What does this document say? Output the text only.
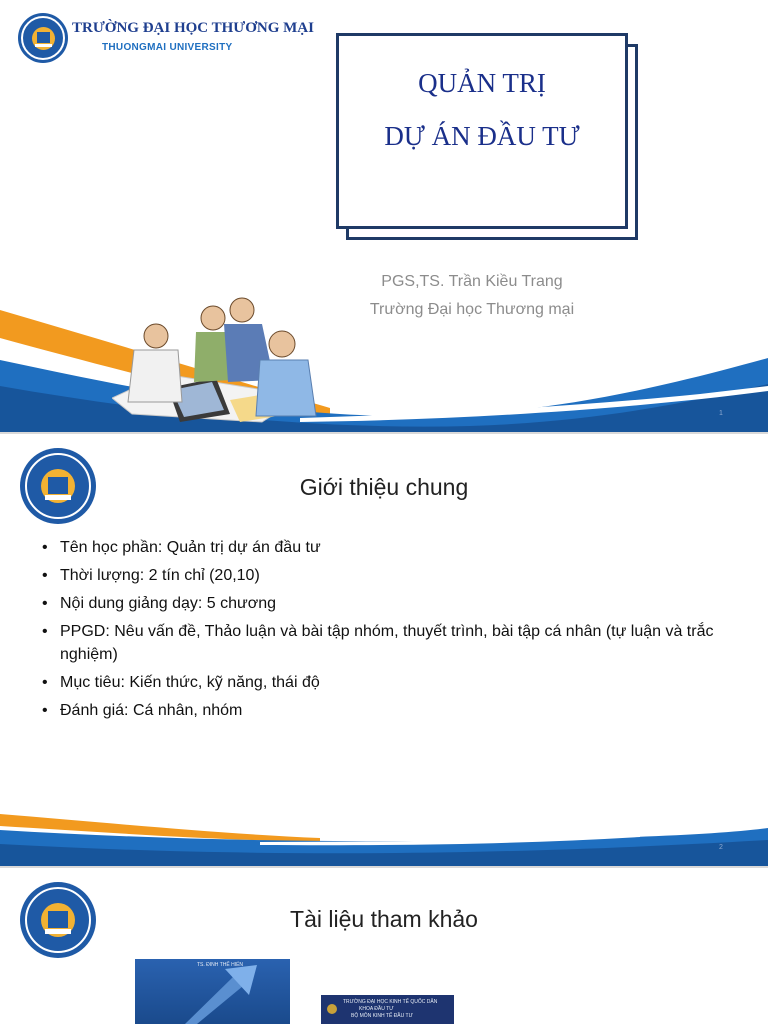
TRƯỜNG ĐẠI HỌC THƯƠNG MẠI
THUONGMAI UNIVERSITY
QUẢN TRỊ
DỰ ÁN ĐẦU TƯ
PGS,TS. Trần Kiều Trang
Trường Đại học Thương mại
1
Giới thiệu chung
• Tên học phần: Quản trị dự án đầu tư
• Thời lượng: 2 tín chỉ (20,10)
• Nội dung giảng dạy: 5 chương
• PPGD: Nêu vấn đề, Thảo luận và bài tập nhóm, thuyết trình, bài tập cá nhân (tự luận và trắc nghiệm)
• Mục tiêu: Kiến thức, kỹ năng, thái độ
• Đánh giá: Cá nhân, nhóm
2
Tài liệu tham khảo
TS. ĐINH THẾ HIỂN
TRƯỜNG ĐẠI HỌC KINH TẾ QUỐC DÂN
KHOA ĐẦU TƯ
BỘ MÔN KINH TẾ ĐẦU TƯ
